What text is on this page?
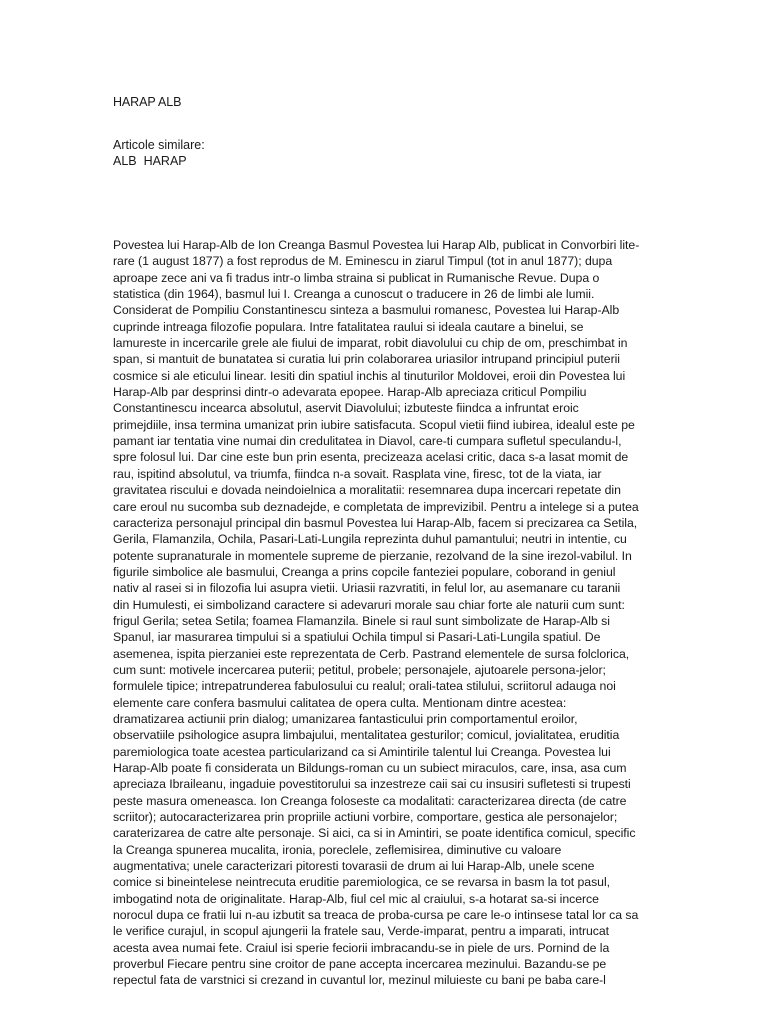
HARAP ALB
Articole similare:
ALB  HARAP
Povestea lui Harap-Alb de Ion Creanga Basmul Povestea lui Harap Alb, publicat in Convorbiri lite-
rare (1 august 1877) a fost reprodus de M. Eminescu in ziarul Timpul (tot in anul 1877); dupa
aproape zece ani va fi tradus intr-o limba straina si publicat in Rumanische Revue. Dupa o
statistica (din 1964), basmul lui I. Creanga a cunoscut o traducere in 26 de limbi ale lumii.
Considerat de Pompiliu Constantinescu sinteza a basmului romanesc, Povestea lui Harap-Alb
cuprinde intreaga filozofie populara. Intre fatalitatea raului si ideala cautare a binelui, se
lamureste in incercarile grele ale fiului de imparat, robit diavolului cu chip de om, preschimbat in
span, si mantuit de bunatatea si curatia lui prin colaborarea uriasilor intrupand principiul puterii
cosmice si ale eticului linear. Iesiti din spatiul inchis al tinuturilor Moldovei, eroii din Povestea lui
Harap-Alb par desprinsi dintr-o adevarata epopee. Harap-Alb apreciaza criticul Pompiliu
Constantinescu incearca absolutul, aservit Diavolului; izbuteste fiindca a infruntat eroic
primejdiile, insa termina umanizat prin iubire satisfacuta. Scopul vietii fiind iubirea, idealul este pe
pamant iar tentatia vine numai din credulitatea in Diavol, care-ti cumpara sufletul speculandu-l,
spre folosul lui. Dar cine este bun prin esenta, precizeaza acelasi critic, daca s-a lasat momit de
rau, ispitind absolutul, va triumfa, fiindca n-a sovait. Rasplata vine, firesc, tot de la viata, iar
gravitatea riscului e dovada neindoielnica a moralitatii: resemnarea dupa incercari repetate din
care eroul nu sucomba sub deznadejde, e completata de imprevizibil. Pentru a intelege si a putea
caracteriza personajul principal din basmul Povestea lui Harap-Alb, facem si precizarea ca Setila,
Gerila, Flamanzila, Ochila, Pasari-Lati-Lungila reprezinta duhul pamantului; neutri in intentie, cu
potente supranaturale in momentele supreme de pierzanie, rezolvand de la sine irezol-vabilul. In
figurile simbolice ale basmului, Creanga a prins copcile fanteziei populare, coborand in geniul
nativ al rasei si in filozofia lui asupra vietii. Uriasii razvratiti, in felul lor, au asemanare cu taranii
din Humulesti, ei simbolizand caractere si adevaruri morale sau chiar forte ale naturii cum sunt:
frigul Gerila; setea Setila; foamea Flamanzila. Binele si raul sunt simbolizate de Harap-Alb si
Spanul, iar masurarea timpului si a spatiului Ochila timpul si Pasari-Lati-Lungila spatiul. De
asemenea, ispita pierzaniei este reprezentata de Cerb. Pastrand elementele de sursa folclorica,
cum sunt: motivele incercarea puterii; petitul, probele; personajele, ajutoarele persona-jelor;
formulele tipice; intrepatrunderea fabulosului cu realul; orali-tatea stilului, scriitorul adauga noi
elemente care confera basmului calitatea de opera culta. Mentionam dintre acestea:
dramatizarea actiunii prin dialog; umanizarea fantasticului prin comportamentul eroilor,
observatiile psihologice asupra limbajului, mentalitatea gesturilor; comicul, jovialitatea, eruditia
paremiologica toate acestea particularizand ca si Amintirile talentul lui Creanga. Povestea lui
Harap-Alb poate fi considerata un Bildungs-roman cu un subiect miraculos, care, insa, asa cum
apreciaza Ibraileanu, ingaduie povestitorului sa inzestreze caii sai cu insusiri sufletesti si trupesti
peste masura omeneasca. Ion Creanga foloseste ca modalitati: caracterizarea directa (de catre
scriitor); autocaracterizarea prin propriile actiuni vorbire, comportare, gestica ale personajelor;
caraterizarea de catre alte personaje. Si aici, ca si in Amintiri, se poate identifica comicul, specific
la Creanga spunerea mucalita, ironia, poreclele, zeflemisirea, diminutive cu valoare
augmentativa; unele caracterizari pitoresti tovarasii de drum ai lui Harap-Alb, unele scene
comice si bineintelese neintrecuta eruditie paremiologica, ce se revarsa in basm la tot pasul,
imbogatind nota de originalitate. Harap-Alb, fiul cel mic al craiului, s-a hotarat sa-si incerce
norocul dupa ce fratii lui n-au izbutit sa treaca de proba-cursa pe care le-o intinsese tatal lor ca sa
le verifice curajul, in scopul ajungerii la fratele sau, Verde-imparat, pentru a imparati, intrucat
acesta avea numai fete. Craiul isi sperie feciorii imbracandu-se in piele de urs. Pornind de la
proverbul Fiecare pentru sine croitor de pane accepta incercarea mezinului. Bazandu-se pe
repectul fata de varstnici si crezand in cuvantul lor, mezinul miluieste cu bani pe baba care-l
